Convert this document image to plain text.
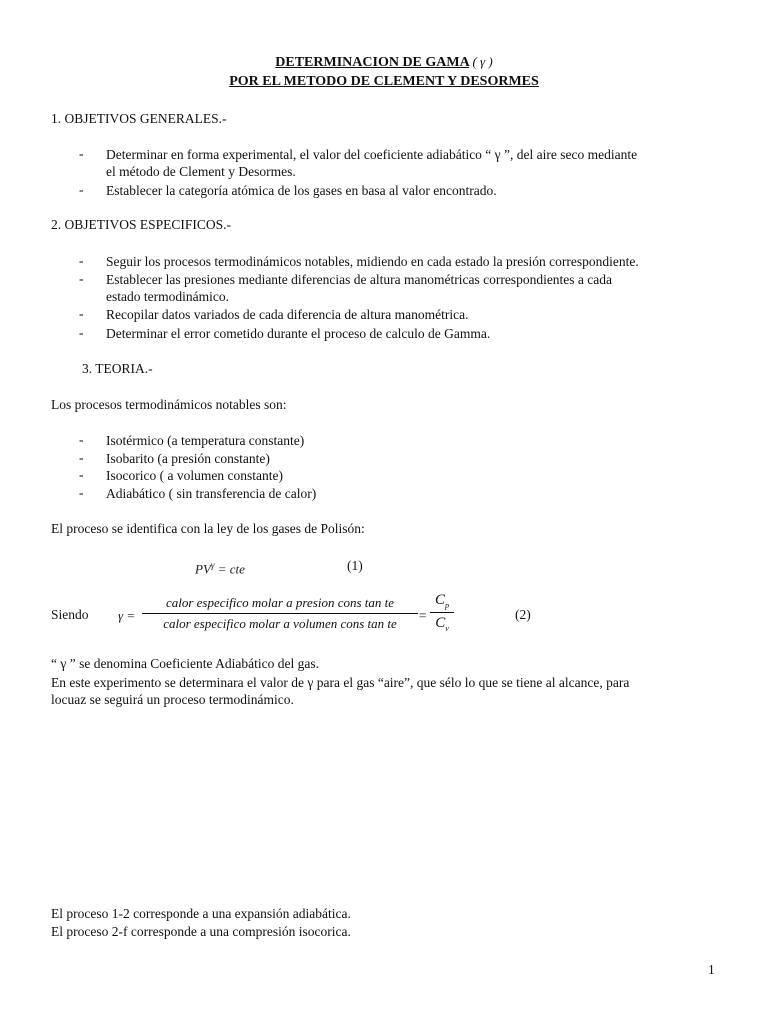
DETERMINACION DE GAMA ( γ )
POR EL METODO DE CLEMENT Y DESORMES
1. OBJETIVOS GENERALES.-
- Determinar en forma experimental, el valor del coeficiente adiabático “ γ ”, del aire seco mediante
el método de Clement y Desormes.
- Establecer la categoría atómica de los gases en basa al valor encontrado.
2. OBJETIVOS ESPECIFICOS.-
- Seguir los procesos termodinámicos notables, midiendo en cada estado la presión correspondiente.
- Establecer las presiones mediante diferencias de altura manométricas correspondientes a cada
estado termodinámico.
- Recopilar datos variados de cada diferencia de altura manométrica.
- Determinar el error cometido durante el proceso de calculo de Gamma.
3. TEORIA.-
Los procesos termodinámicos notables son:
- Isotérmico (a temperatura constante)
- Isobarito (a presión constante)
- Isocorico ( a volumen constante)
- Adiabático ( sin transferencia de calor)
El proceso se identifica con la ley de los gases de Polisón:
$PV^\gamma$ = cte	(1)
Siendo γ =
calor especifico molar a presion cons tan te
calor especifico molar a volumen cons tan te
=
$C_p$
$C_v$
(2)
“ γ ” se denomina Coeficiente Adiabático del gas.
En este experimento se determinara el valor de γ para el gas “aire”, que sélo lo que se tiene al alcance, para
locuaz se seguirá un proceso termodinámico.
El proceso 1-2 corresponde a una expansión adiabática.
El proceso 2-f corresponde a una compresión isocorica.
1
